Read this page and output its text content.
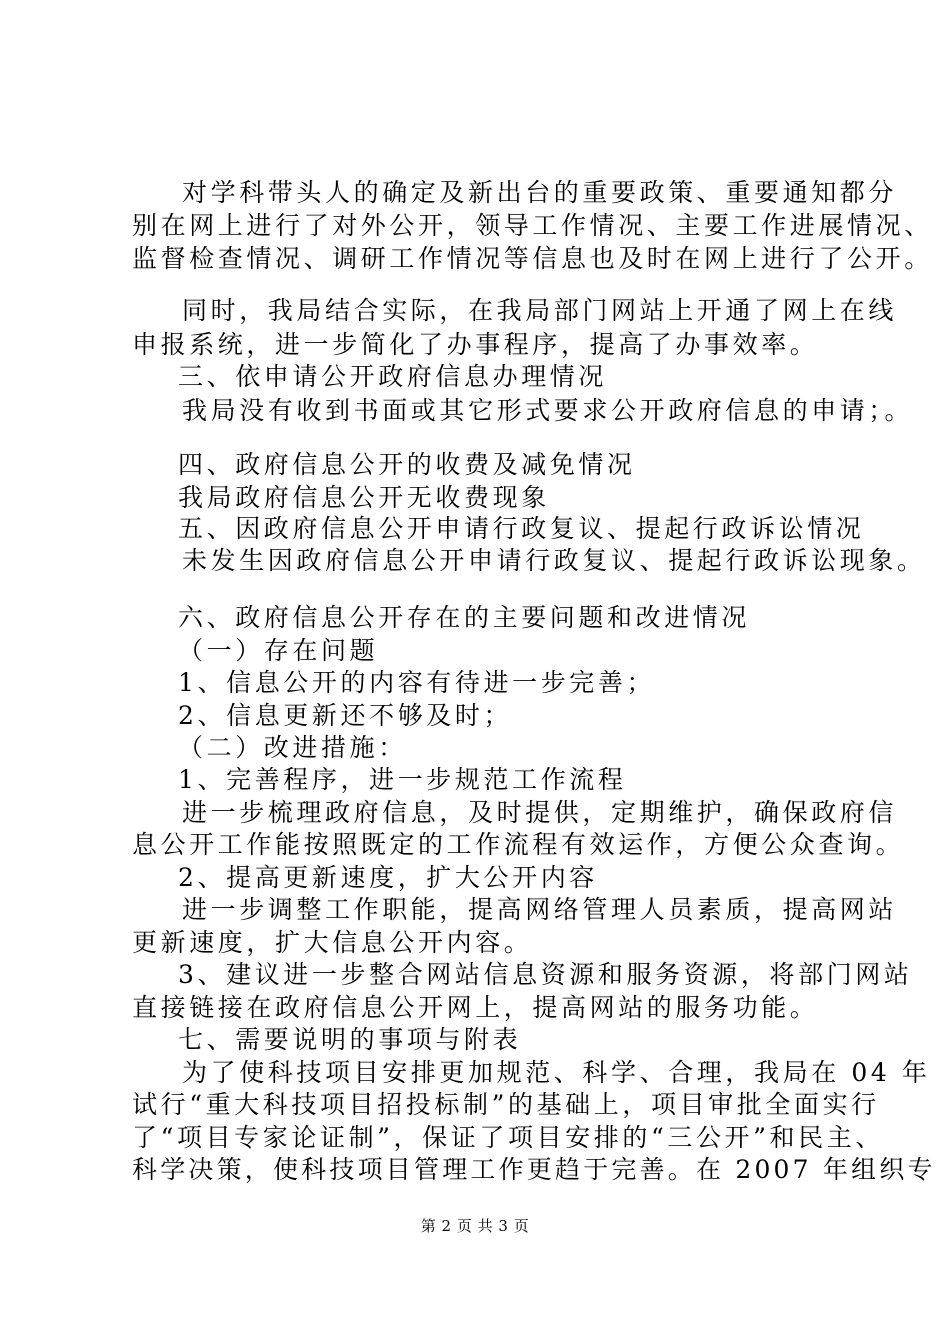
对学科带头人的确定及新出台的重要政策、重要通知都分
别在网上进行了对外公开，领导工作情况、主要工作进展情况、
监督检查情况、调研工作情况等信息也及时在网上进行了公开。
同时，我局结合实际，在我局部门网站上开通了网上在线
申报系统，进一步简化了办事程序，提高了办事效率。
三、依申请公开政府信息办理情况
我局没有收到书面或其它形式要求公开政府信息的申请；。
四、政府信息公开的收费及减免情况
我局政府信息公开无收费现象
五、因政府信息公开申请行政复议、提起行政诉讼情况
未发生因政府信息公开申请行政复议、提起行政诉讼现象。
六、政府信息公开存在的主要问题和改进情况
（一）存在问题
1、信息公开的内容有待进一步完善；
2、信息更新还不够及时；
（二）改进措施：
1、完善程序，进一步规范工作流程
进一步梳理政府信息，及时提供，定期维护，确保政府信
息公开工作能按照既定的工作流程有效运作，方便公众查询。
2、提高更新速度，扩大公开内容
进一步调整工作职能，提高网络管理人员素质，提高网站
更新速度，扩大信息公开内容。
3、建议进一步整合网站信息资源和服务资源，将部门网站
直接链接在政府信息公开网上，提高网站的服务功能。
七、需要说明的事项与附表
为了使科技项目安排更加规范、科学、合理，我局在 04 年
试行“重大科技项目招投标制”的基础上，项目审批全面实行
了“项目专家论证制”，保证了项目安排的“三公开”和民主、
科学决策，使科技项目管理工作更趋于完善。在 2007 年组织专
第 2 页 共 3 页
